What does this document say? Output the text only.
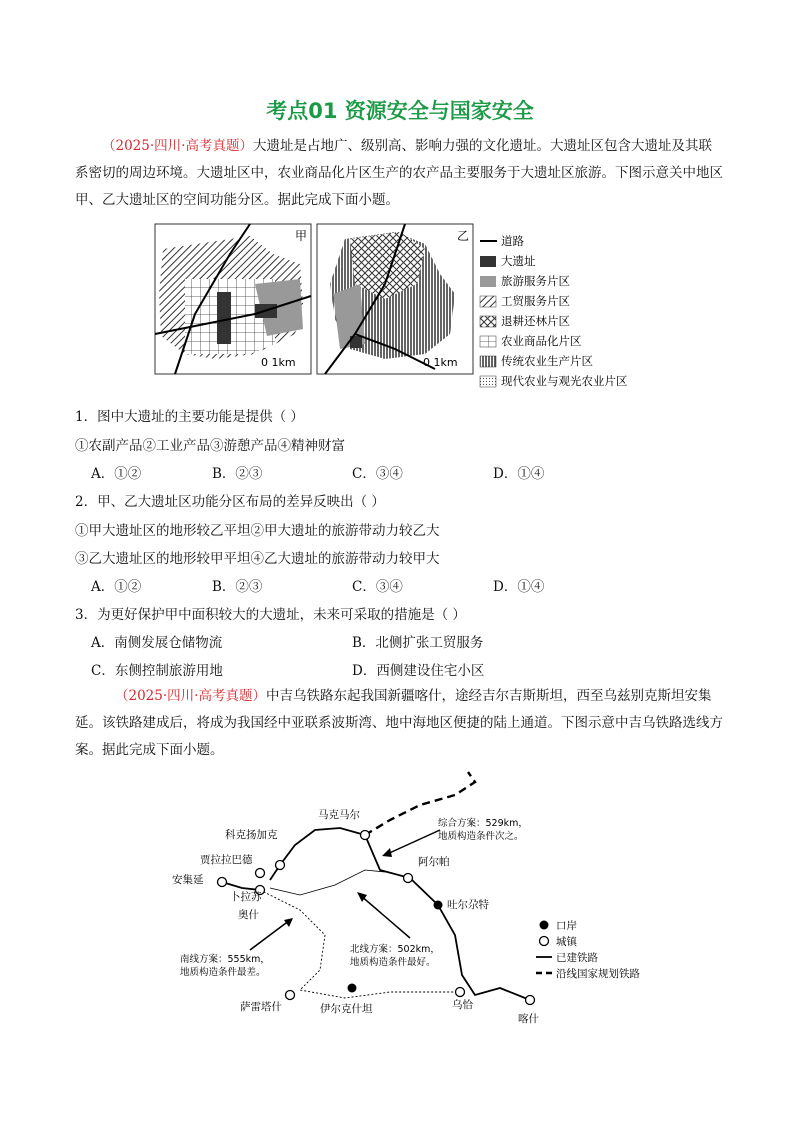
考点01 资源安全与国家安全
（2025·四川·高考真题）大遗址是占地广、级别高、影响力强的文化遗址。大遗址区包含大遗址及其联系密切的周边环境。大遗址区中，农业商品化片区生产的农产品主要服务于大遗址区旅游。下图示意关中地区甲、乙大遗址区的空间功能分区。据此完成下面小题。
甲
0 1km
乙
0 1km
道路
大遗址
旅游服务片区
工贸服务片区
退耕还林片区
农业商品化片区
传统农业生产片区
现代农业与观光农业片区
1．图中大遗址的主要功能是提供（ ）
①农副产品②工业产品③游憩产品④精神财富
A．①②	B．②③	C．③④	D．①④
2．甲、乙大遗址区功能分区布局的差异反映出（ ）
①甲大遗址区的地形较乙平坦②甲大遗址的旅游带动力较乙大
③乙大遗址区的地形较甲平坦④乙大遗址的旅游带动力较甲大
A．①②	B．②③	C．③④	D．①④
3．为更好保护甲中面积较大的大遗址，未来可采取的措施是（ ）
A．南侧发展仓储物流	B．北侧扩张工贸服务
C．东侧控制旅游用地	D．西侧建设住宅小区
（2025·四川·高考真题）中吉乌铁路东起我国新疆喀什，途经吉尔吉斯斯坦，西至乌兹别克斯坦安集延。该铁路建成后，将成为我国经中亚联系波斯湾、地中海地区便捷的陆上通道。下图示意中吉乌铁路选线方案。据此完成下面小题。
马克马尔
科克扬加克
贾拉拉巴德
安集延
卜拉苏
奥什
阿尔帕
吐尔尕特
萨雷塔什	伊尔克什坦	乌恰
喀什
综合方案：529km，
地质构造条件次之。
北线方案：502km，
地质构造条件最好。
南线方案：555km，
地质构造条件最差。
口岸
城镇
已建铁路
沿线国家规划铁路
